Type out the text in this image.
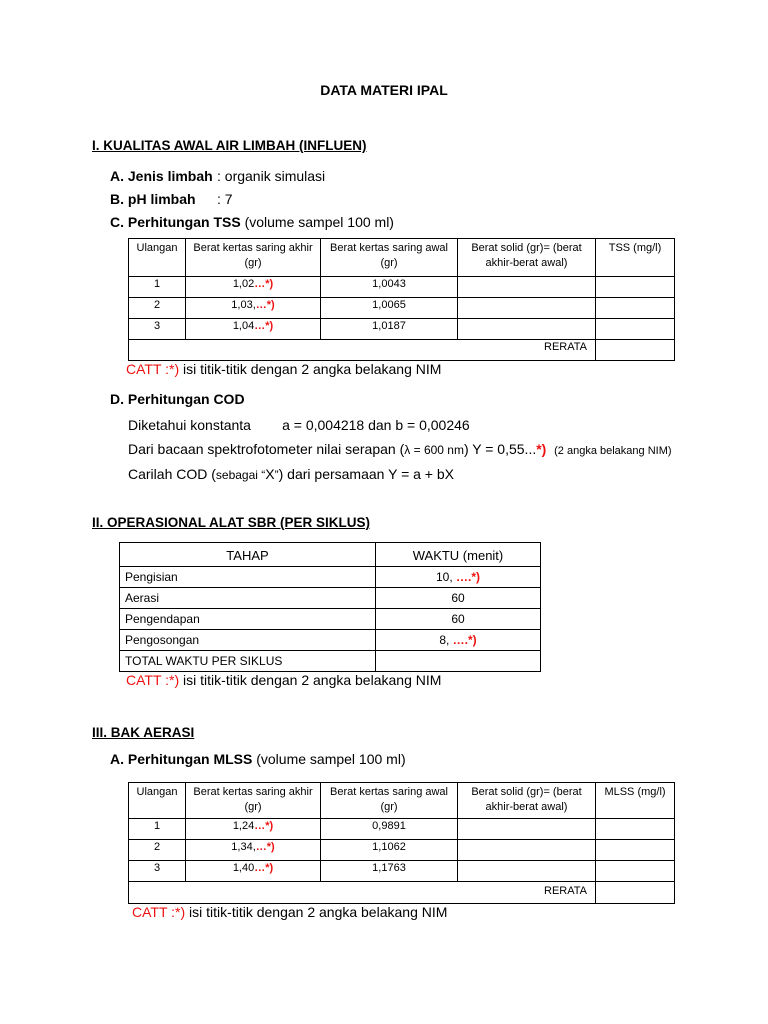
DATA MATERI IPAL
I. KUALITAS AWAL AIR LIMBAH (INFLUEN)
A. Jenis limbah : organik simulasi
B. pH limbah : 7
C. Perhitungan TSS (volume sampel 100 ml)
Ulangan	Berat kertas saring akhir (gr)	Berat kertas saring awal (gr)	Berat solid (gr)= (berat akhir-berat awal)	TSS (mg/l)
1	1,02…*)	1,0043		
2	1,03,…*)	1,0065		
3	1,04…*)	1,0187		
RERATA				
CATT :*) isi titik-titik dengan 2 angka belakang NIM
D. Perhitungan COD
Diketahui konstanta        a = 0,004218 dan b = 0,00246
Dari bacaan spektrofotometer nilai serapan (λ = 600 nm) Y = 0,55...*) (2 angka belakang NIM)
Carilah COD (sebagai “X”) dari persamaan Y = a + bX
II. OPERASIONAL ALAT SBR (PER SIKLUS)
TAHAP	WAKTU (menit)
Pengisian	10, ….*)
Aerasi	60
Pengendapan	60
Pengosongan	8, ….*)
TOTAL WAKTU PER SIKLUS	
CATT :*) isi titik-titik dengan 2 angka belakang NIM
III. BAK AERASI
A. Perhitungan MLSS (volume sampel 100 ml)
Ulangan	Berat kertas saring akhir (gr)	Berat kertas saring awal (gr)	Berat solid (gr)= (berat akhir-berat awal)	MLSS (mg/l)
1	1,24…*)	0,9891		
2	1,34,…*)	1,1062		
3	1,40…*)	1,1763		
RERATA				
CATT :*) isi titik-titik dengan 2 angka belakang NIM
